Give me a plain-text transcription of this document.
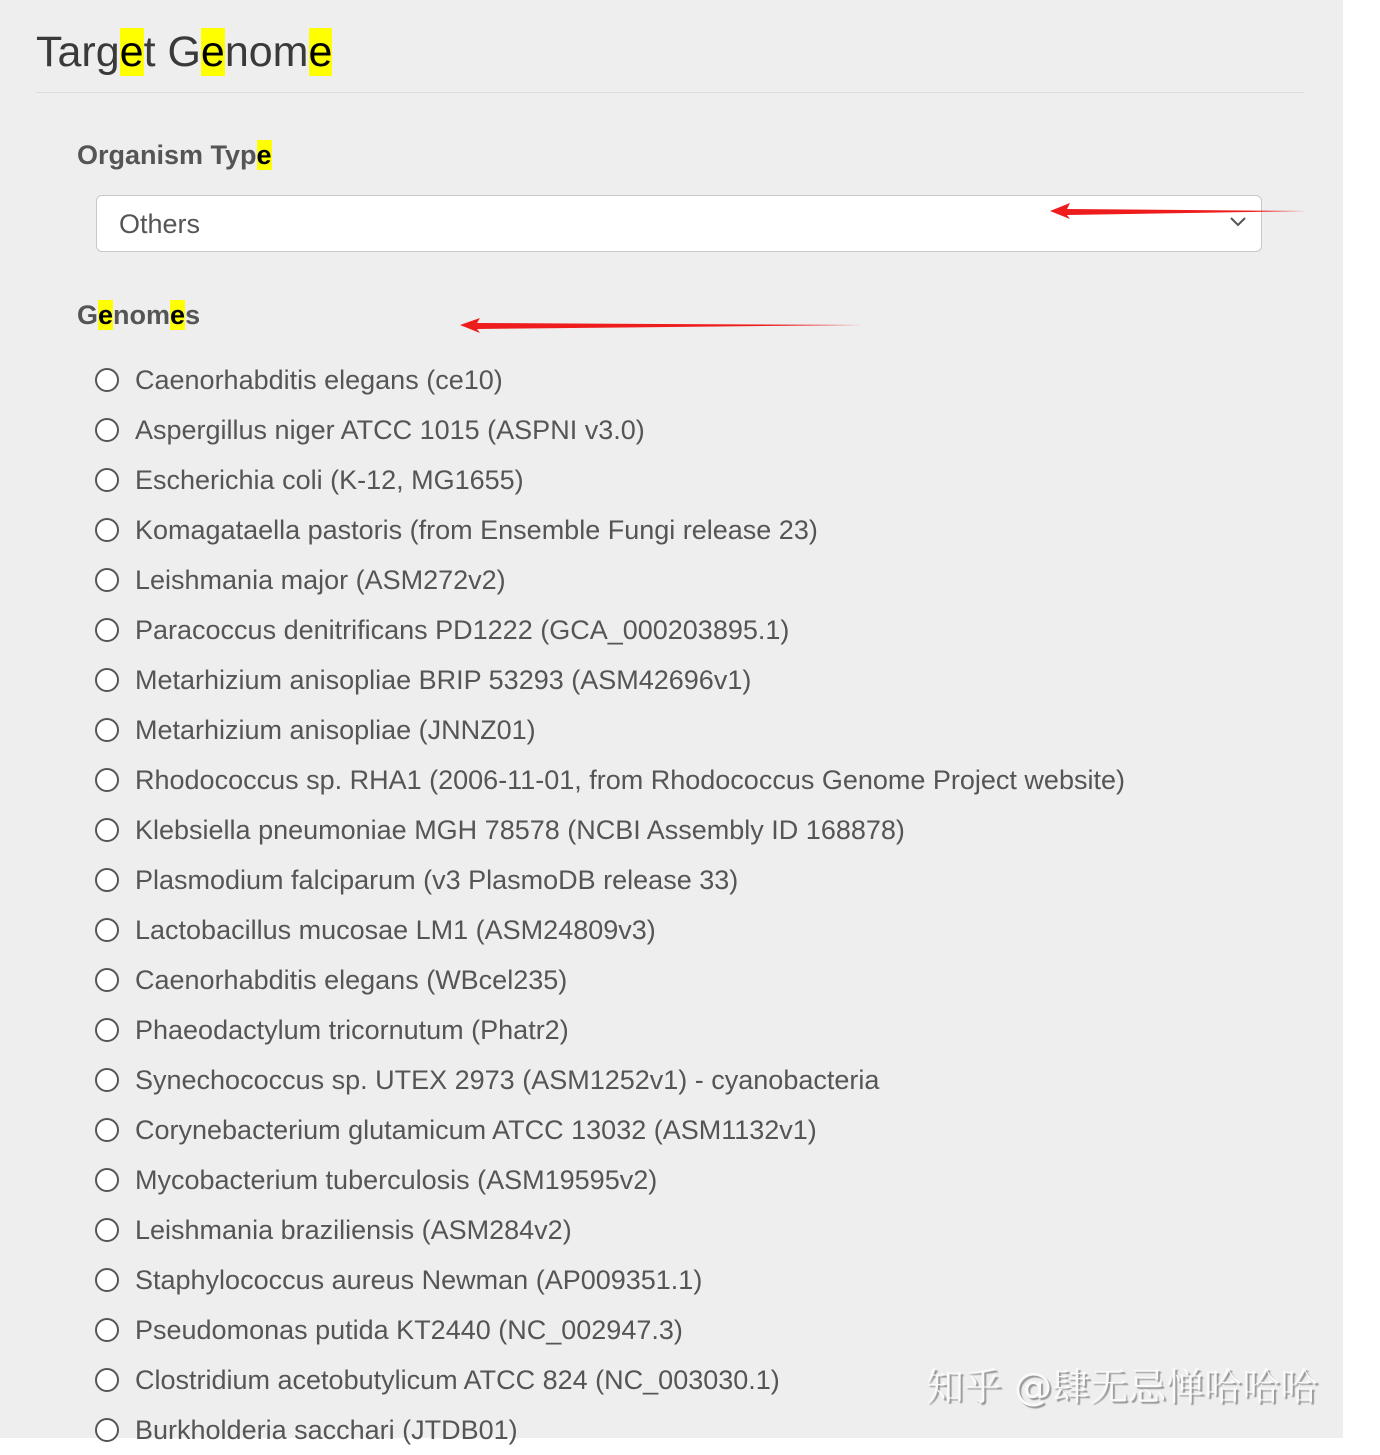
Target Genome
Organism Type
Others
Genomes
Caenorhabditis elegans (ce10)
Aspergillus niger ATCC 1015 (ASPNI v3.0)
Escherichia coli (K-12, MG1655)
Komagataella pastoris (from Ensemble Fungi release 23)
Leishmania major (ASM272v2)
Paracoccus denitrificans PD1222 (GCA_000203895.1)
Metarhizium anisopliae BRIP 53293 (ASM42696v1)
Metarhizium anisopliae (JNNZ01)
Rhodococcus sp. RHA1 (2006-11-01, from Rhodococcus Genome Project website)
Klebsiella pneumoniae MGH 78578 (NCBI Assembly ID 168878)
Plasmodium falciparum (v3 PlasmoDB release 33)
Lactobacillus mucosae LM1 (ASM24809v3)
Caenorhabditis elegans (WBcel235)
Phaeodactylum tricornutum (Phatr2)
Synechococcus sp. UTEX 2973 (ASM1252v1) - cyanobacteria
Corynebacterium glutamicum ATCC 13032 (ASM1132v1)
Mycobacterium tuberculosis (ASM19595v2)
Leishmania braziliensis (ASM284v2)
Staphylococcus aureus Newman (AP009351.1)
Pseudomonas putida KT2440 (NC_002947.3)
Clostridium acetobutylicum ATCC 824 (NC_003030.1)
Burkholderia sacchari (JTDB01)
知乎 @肆无忌惮哈哈哈
